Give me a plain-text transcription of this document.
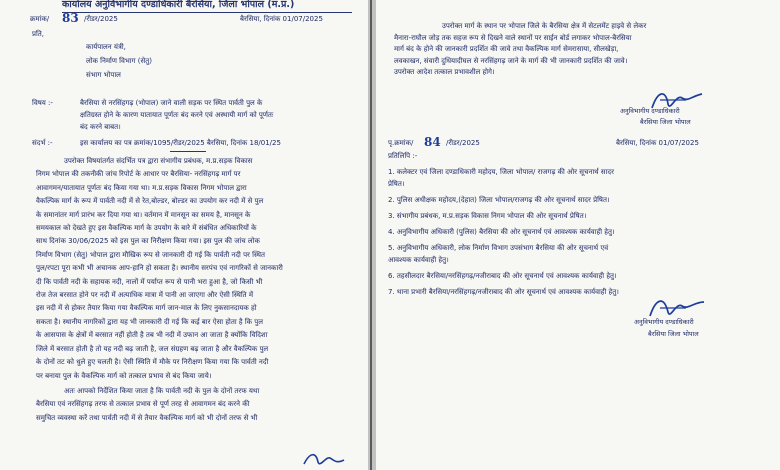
कार्यालय अनुविभागीय दण्डाधिकारी बैरसिया, जिला भोपाल (म.प्र.)
क्रमांक/ 83 /रीडर/2025	बैरसिया, दिनांक 01/07/2025
प्रति,
कार्यपालन यंत्री,
लोक निर्माण विभाग (सेतु)
संभाग भोपाल
विषय :-	बैरसिया से नरसिंहगढ़ (भोपाल) जाने वाली सड़क पर स्थित पार्वती पुल के
क्षतिग्रस्त होने के कारण यातायात पूर्णतः बंद करने एवं अस्थायी मार्ग को पूर्णतः
बंद करने बाबत।
संदर्भ :-	इस कार्यालय का पत्र क्रमांक/1095/रीडर/2025 बैरसिया, दिनांक 18/01/25
उपरोक्त विषयांतर्गत संदर्भित पत्र द्वारा संभागीय प्रबंधक, म.प्र.सड़क विकास
निगम भोपाल की तकनीकी जांच रिपोर्ट के आधार पर बैरसिया- नरसिंहगढ़ मार्ग पर
आवागमन/यातायात पूर्णतः बंद किया गया था। म.प्र.सड़क विकास निगम भोपाल द्वारा
वैकल्पिक मार्ग के रूप में पार्वती नदी में से रेत,बोल्डर, बोल्डर का उपयोग कर नदी में से पुल
के समानांतर मार्ग प्रारंभ कर दिया गया था। वर्तमान में मानसून का समय है, मानसून के
समयकाल को देखते हुए इस वैकल्पिक मार्ग के उपयोग के बारे में संबंधित अधिकारियों के
साथ दिनांक 30/06/2025 को इस पुल का निरीक्षण किया गया। इस पुल की जांच लोक
निर्माण विभाग (सेतु) भोपाल द्वारा मौखिक रूप से जानकारी दी गई कि पार्वती नदी पर स्थित
पुल/रपटा पूरा कभी भी अचानक आप-हानि हो सकता है। स्थानीय सरपंच एवं नागरिकों से जानकारी
दी कि पार्वती नदी के सहायक नदी, नालों में पर्याप्त रूप से पानी भरा हुआ है, जो किसी भी
रोज तेज बरसात होने पर नदी में अत्याधिक मात्रा में पानी आ जाएगा और ऐसी स्थिति में
इस नदी में से होकर तैयार किया गया वैकल्पिक मार्ग जान-माल के लिए नुकसानदायक हो
सकता है। स्थानीय नागरिकों द्वारा यह भी जानकारी दी गई कि कई बार ऐसा होता है कि पुल
के आसपास के क्षेत्रों में बरसात नहीं होती है तब भी नदी में उफान आ जाता है क्योंकि विदिशा
जिले में बरसात होती है तो यह नदी बढ़ जाती है, जल संग्रहण बढ़ जाता है और वैकल्पिक पुल
के दोनों तट को धुले हुए चलती है। ऐसी स्थिति में मौके पर निरीक्षण किया गया कि पार्वती नदी
पर बनाया पुल के वैकल्पिक मार्ग को तत्काल प्रभाव से बंद किया जाये।
अतः आपको निर्देशित किया जाता है कि पार्वती नदी के पुल के दोनों तरफ यथा
बैरसिया एवं नरसिंहगढ़ तरफ से तत्काल प्रभाव से पूर्ण तरह से आवागमन बंद करने की
समुचित व्यवस्था करें तथा पार्वती नदी में से तैयार वैकल्पिक मार्ग को भी दोनों तरफ से भी
उपरोक्त मार्ग के स्थान पर भोपाल जिले के बैरसिया क्षेत्र में सेटलमेंट हाइवे से लेकर
मैनारा-राघौल जोड़ तक सहज रूप से दिखने वाले स्थानों पर साईन बोर्ड लगाकर भोपाल-बैरसिया
मार्ग बंद के होने की जानकारी प्रदर्शित की जावे तथा वैकल्पिक मार्ग सेमरासाया, सीलखेड़ा,
लवकाखन, संवारी दुधियादीघल से नरसिंहगढ़ जाने के मार्ग की भी जानकारी प्रदर्शित की जावे।
उपरोक्त आदेश तत्काल प्रभावशील होगे।
अनुविभागीय दण्डाधिकारी
बैरसिया जिला भोपाल
पृ.क्रमांक/ 84 /रीडर/2025	बैरसिया, दिनांक 01/07/2025
प्रतिलिपि :-
1. कलेक्टर एवं जिला दण्डाधिकारी महोदय, जिला भोपाल/ राजगढ़ की ओर सूचनार्थ सादर
प्रेषित।
2. पुलिस अधीक्षक महोदय,(देहात) जिला भोपाल/राजगढ़ की ओर सूचनार्थ सादर प्रेषित।
3. संभागीय प्रबंधक, म.प्र.सड़क विकास निगम भोपाल की ओर सूचनार्थ प्रेषित।
4. अनुविभागीय अधिकारी (पुलिस) बैरसिया की ओर सूचनार्थ एवं आवश्यक कार्यवाही हेतु।
5. अनुविभागीय अधिकारी, लोक निर्माण विभाग उपसंभाग बैरसिया की ओर सूचनार्थ एवं
आवश्यक कार्यवाही हेतु।
6. तहसीलदार बैरसिया/नरसिंहगढ़/नजीराबाद की ओर सूचनार्थ एवं आवश्यक कार्यवाही हेतु।
7. थाना प्रभारी बैरसिया/नरसिंहगढ़/नजीराबाद की ओर सूचनार्थ एवं आवश्यक कार्यवाही हेतु।
अनुविभागीय दण्डाधिकारी
बैरसिया जिला भोपाल
